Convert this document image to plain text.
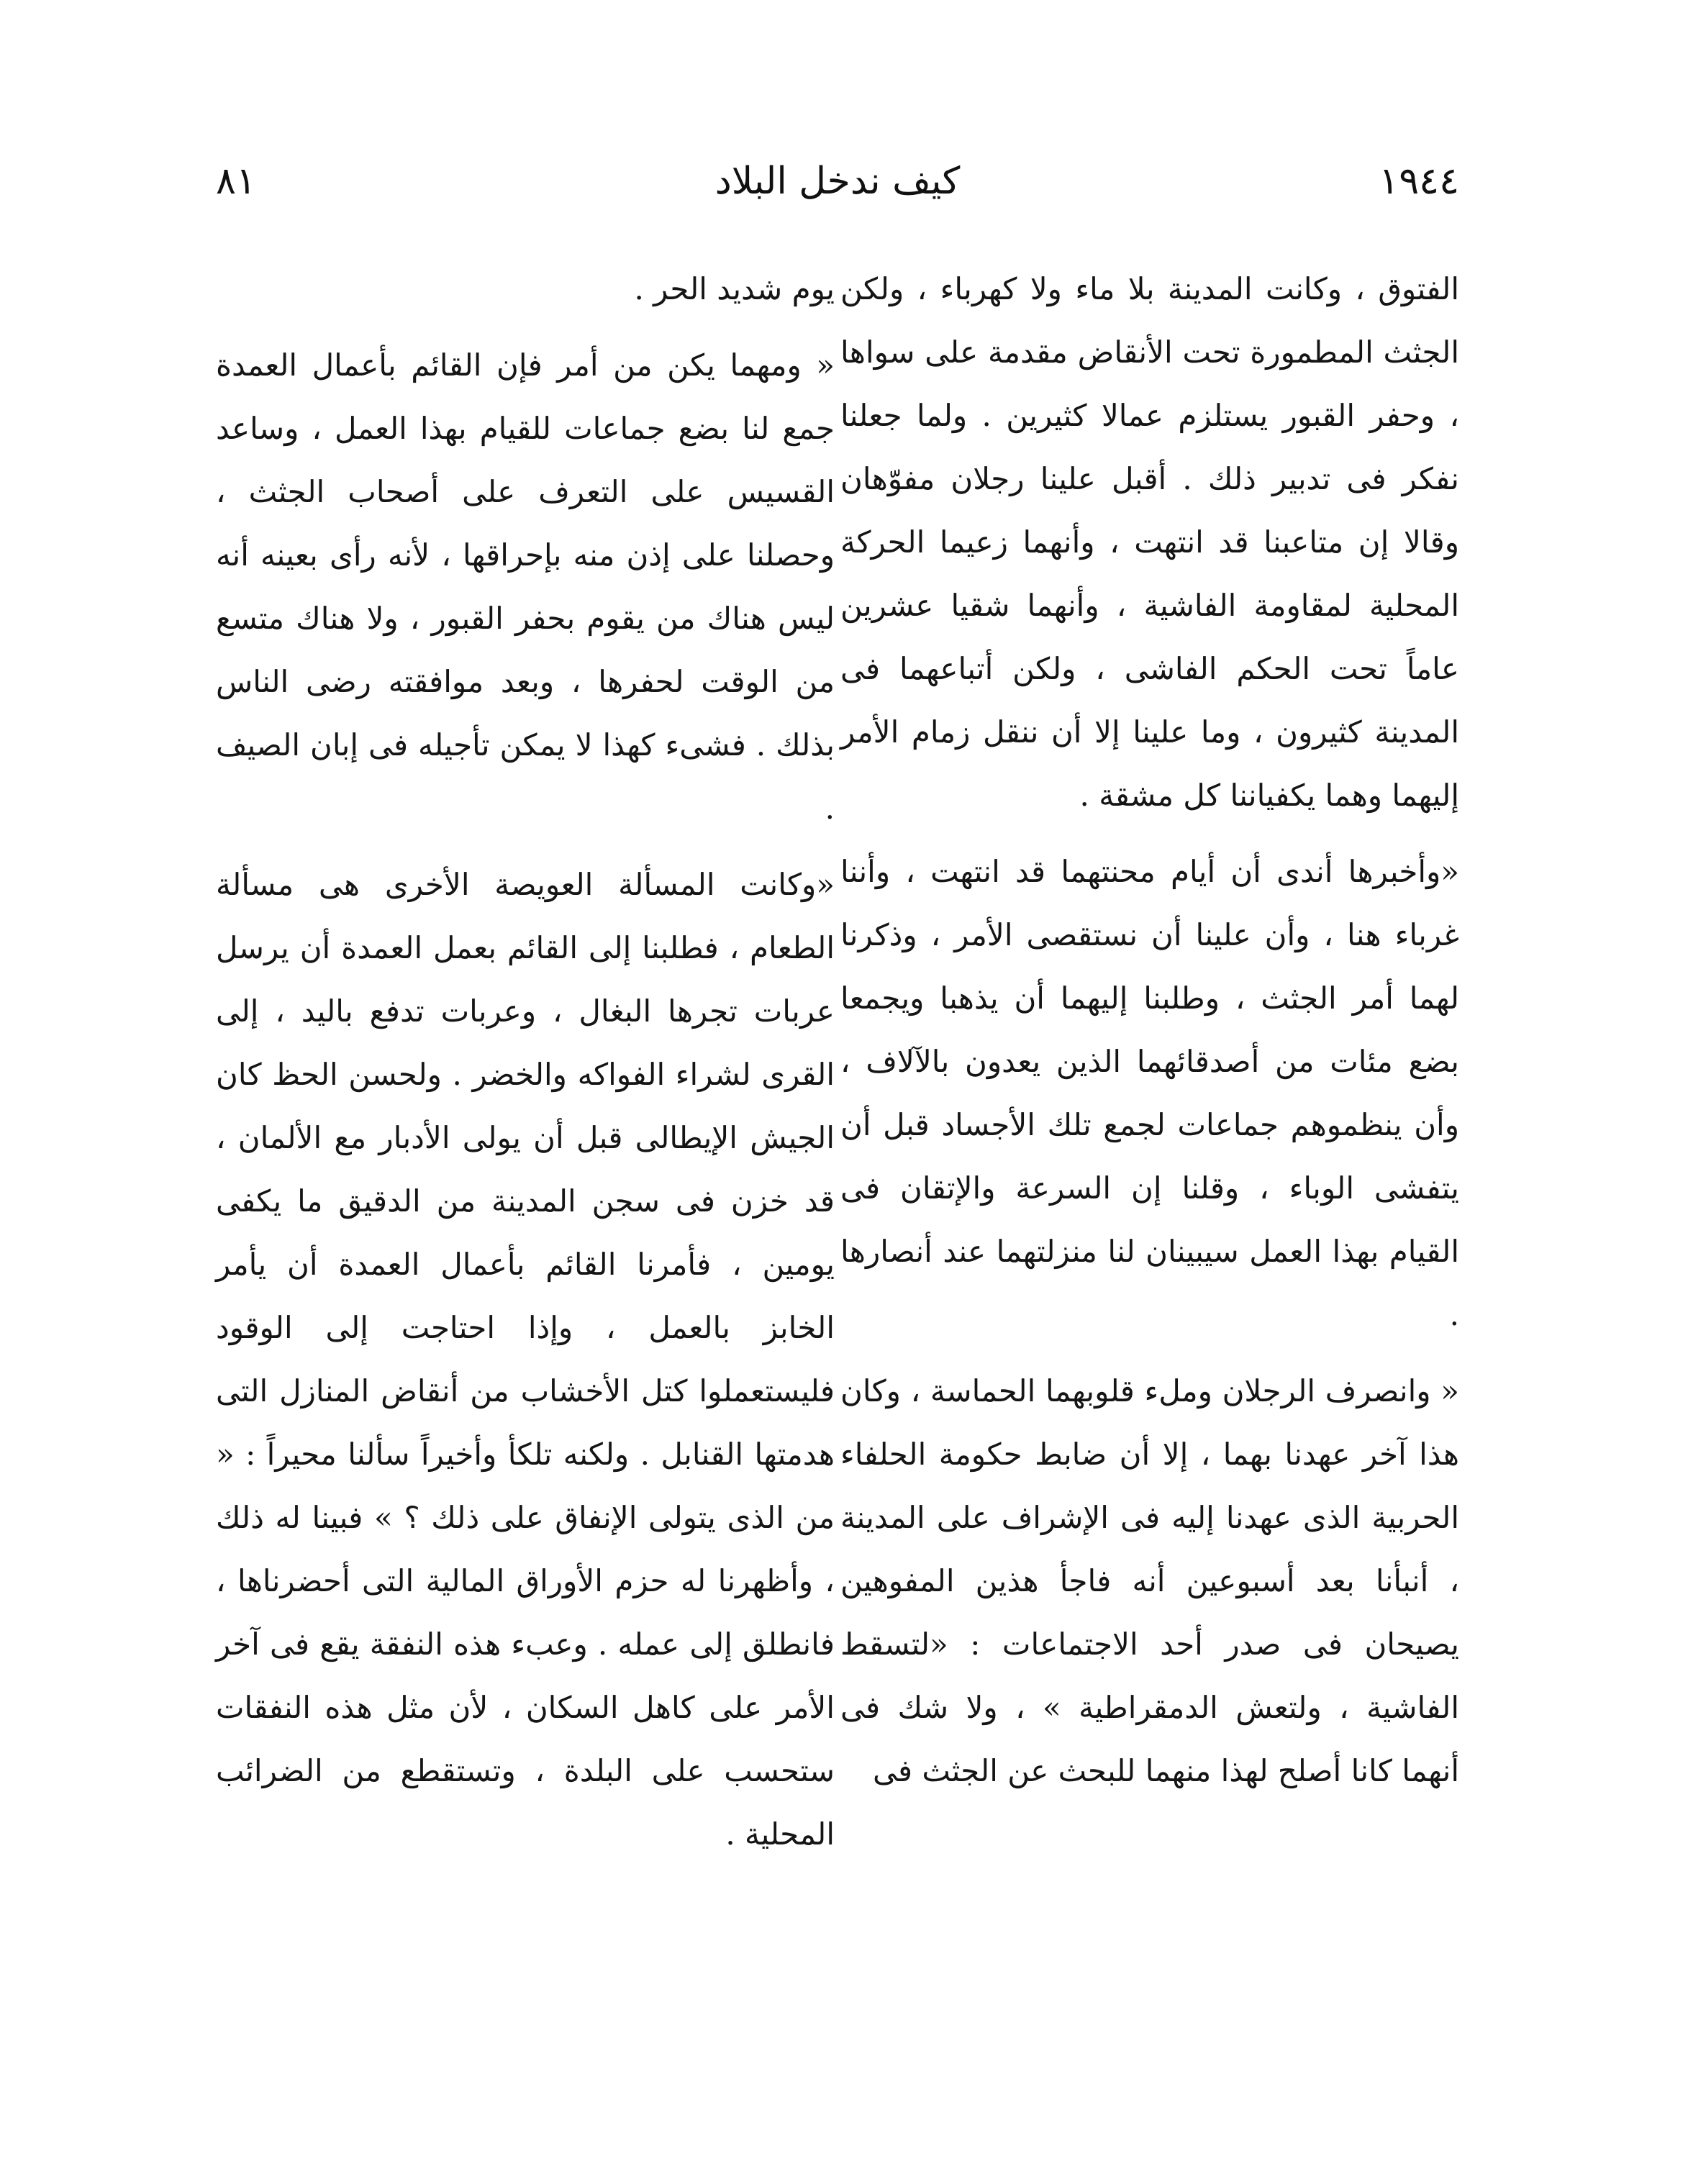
١٩٤٤
كيف ندخل البلاد
٨١

الفتوق ، وكانت المدينة بلا ماء ولا كهرباء ، ولكن الجثث المطمورة تحت الأنقاض مقدمة على سواها ، وحفر القبور يستلزم عمالا كثيرين . ولما جعلنا نفكر فى تدبير ذلك . أقبل علينا رجلان مفوّهان وقالا إن متاعبنا قد انتهت ، وأنهما زعيما الحركة المحلية لمقاومة الفاشية ، وأنهما شقيا عشرين عاماً تحت الحكم الفاشى ، ولكن أتباعهما فى المدينة كثيرون ، وما علينا إلا أن ننقل زمام الأمر إليهما وهما يكفياننا كل مشقة .

«وأخبرها أندى أن أيام محنتهما قد انتهت ، وأننا غرباء هنا ، وأن علينا أن نستقصى الأمر ، وذكرنا لهما أمر الجثث ، وطلبنا إليهما أن يذهبا ويجمعا بضع مئات من أصدقائهما الذين يعدون بالآلاف ، وأن ينظموهم جماعات لجمع تلك الأجساد قبل أن يتفشى الوباء ، وقلنا إن السرعة والإتقان فى القيام بهذا العمل سيبينان لنا منزلتهما عند أنصارها .

« وانصرف الرجلان وملء قلوبهما الحماسة ، وكان هذا آخر عهدنا بهما ، إلا أن ضابط حكومة الحلفاء الحربية الذى عهدنا إليه فى الإشراف على المدينة ، أنبأنا بعد أسبوعين أنه فاجأ هذين المفوهين يصيحان فى صدر أحد الاجتماعات : «لتسقط الفاشية ، ولتعش الدمقراطية » ، ولا شك فى أنهما كانا أصلح لهذا منهما للبحث عن الجثث فى

يوم شديد الحر .

« ومهما يكن من أمر فإن القائم بأعمال العمدة جمع لنا بضع جماعات للقيام بهذا العمل ، وساعد القسيس على التعرف على أصحاب الجثث ، وحصلنا على إذن منه بإحراقها ، لأنه رأى بعينه أنه ليس هناك من يقوم بحفر القبور ، ولا هناك متسع من الوقت لحفرها ، وبعد موافقته رضى الناس بذلك . فشىء كهذا لا يمكن تأجيله فى إبان الصيف .

«وكانت المسألة العويصة الأخرى هى مسألة الطعام ، فطلبنا إلى القائم بعمل العمدة أن يرسل عربات تجرها البغال ، وعربات تدفع باليد ، إلى القرى لشراء الفواكه والخضر . ولحسن الحظ كان الجيش الإيطالى قبل أن يولى الأدبار مع الألمان ، قد خزن فى سجن المدينة من الدقيق ما يكفى يومين ، فأمرنا القائم بأعمال العمدة أن يأمر الخابز بالعمل ، وإذا احتاجت إلى الوقود فليستعملوا كتل الأخشاب من أنقاض المنازل التى هدمتها القنابل . ولكنه تلكأ وأخيراً سألنا محيراً : « من الذى يتولى الإنفاق على ذلك ؟ » فبينا له ذلك ، وأظهرنا له حزم الأوراق المالية التى أحضرناها ، فانطلق إلى عمله . وعبء هذه النفقة يقع فى آخر الأمر على كاهل السكان ، لأن مثل هذه النفقات ستحسب على البلدة ، وتستقطع من الضرائب المحلية .
